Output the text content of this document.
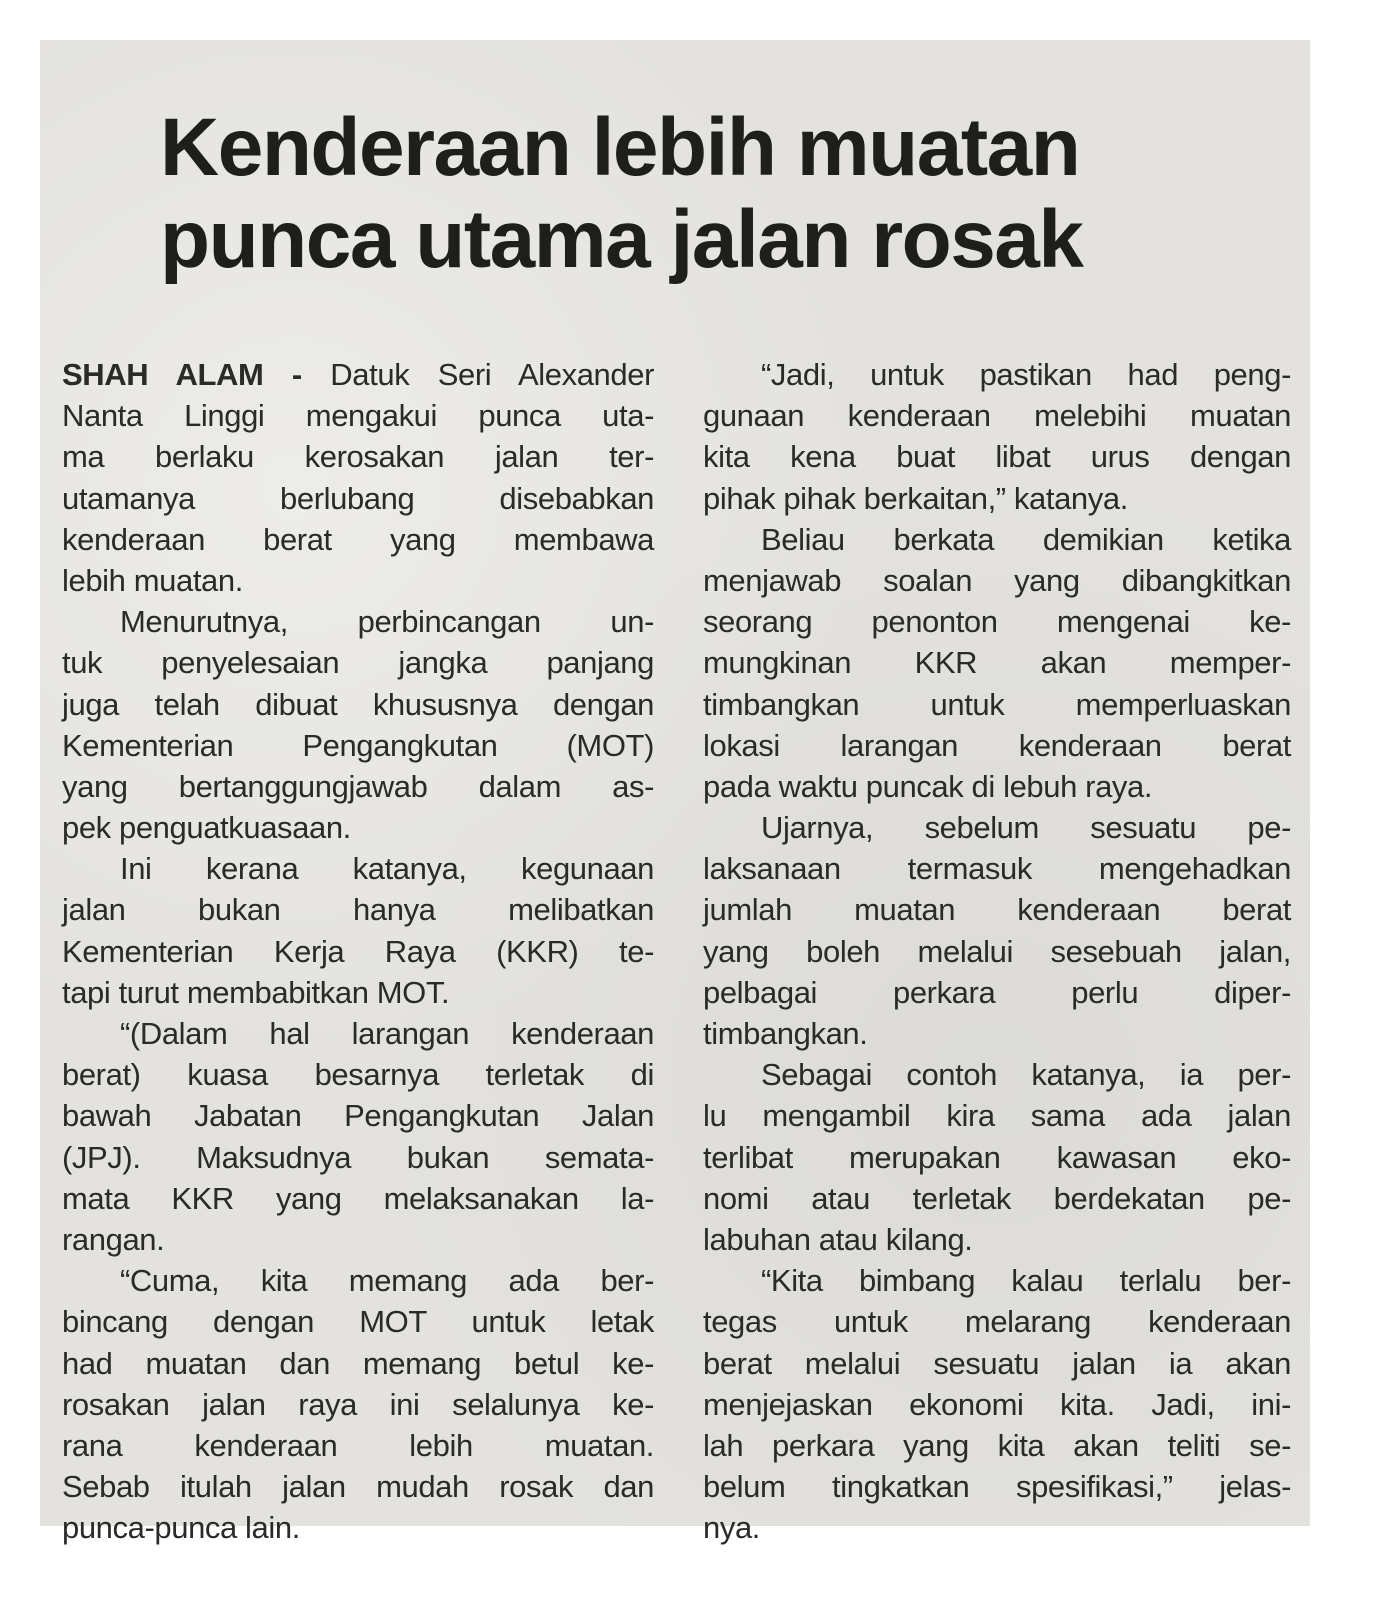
Kenderaan lebih muatan
punca utama jalan rosak
SHAH ALAM - Datuk Seri Alexander
Nanta Linggi mengakui punca uta-
ma berlaku kerosakan jalan ter-
utamanya berlubang disebabkan
kenderaan berat yang membawa
lebih muatan.
Menurutnya, perbincangan un-
tuk penyelesaian jangka panjang
juga telah dibuat khususnya dengan
Kementerian Pengangkutan (MOT)
yang bertanggungjawab dalam as-
pek penguatkuasaan.
Ini kerana katanya, kegunaan
jalan bukan hanya melibatkan
Kementerian Kerja Raya (KKR) te-
tapi turut membabitkan MOT.
“(Dalam hal larangan kenderaan
berat) kuasa besarnya terletak di
bawah Jabatan Pengangkutan Jalan
(JPJ). Maksudnya bukan semata-
mata KKR yang melaksanakan la-
rangan.
“Cuma, kita memang ada ber-
bincang dengan MOT untuk letak
had muatan dan memang betul ke-
rosakan jalan raya ini selalunya ke-
rana kenderaan lebih muatan.
Sebab itulah jalan mudah rosak dan
punca-punca lain.
“Jadi, untuk pastikan had peng-
gunaan kenderaan melebihi muatan
kita kena buat libat urus dengan
pihak pihak berkaitan,” katanya.
Beliau berkata demikian ketika
menjawab soalan yang dibangkitkan
seorang penonton mengenai ke-
mungkinan KKR akan memper-
timbangkan untuk memperluaskan
lokasi larangan kenderaan berat
pada waktu puncak di lebuh raya.
Ujarnya, sebelum sesuatu pe-
laksanaan termasuk mengehadkan
jumlah muatan kenderaan berat
yang boleh melalui sesebuah jalan,
pelbagai perkara perlu diper-
timbangkan.
Sebagai contoh katanya, ia per-
lu mengambil kira sama ada jalan
terlibat merupakan kawasan eko-
nomi atau terletak berdekatan pe-
labuhan atau kilang.
“Kita bimbang kalau terlalu ber-
tegas untuk melarang kenderaan
berat melalui sesuatu jalan ia akan
menjejaskan ekonomi kita. Jadi, ini-
lah perkara yang kita akan teliti se-
belum tingkatkan spesifikasi,” jelas-
nya.
